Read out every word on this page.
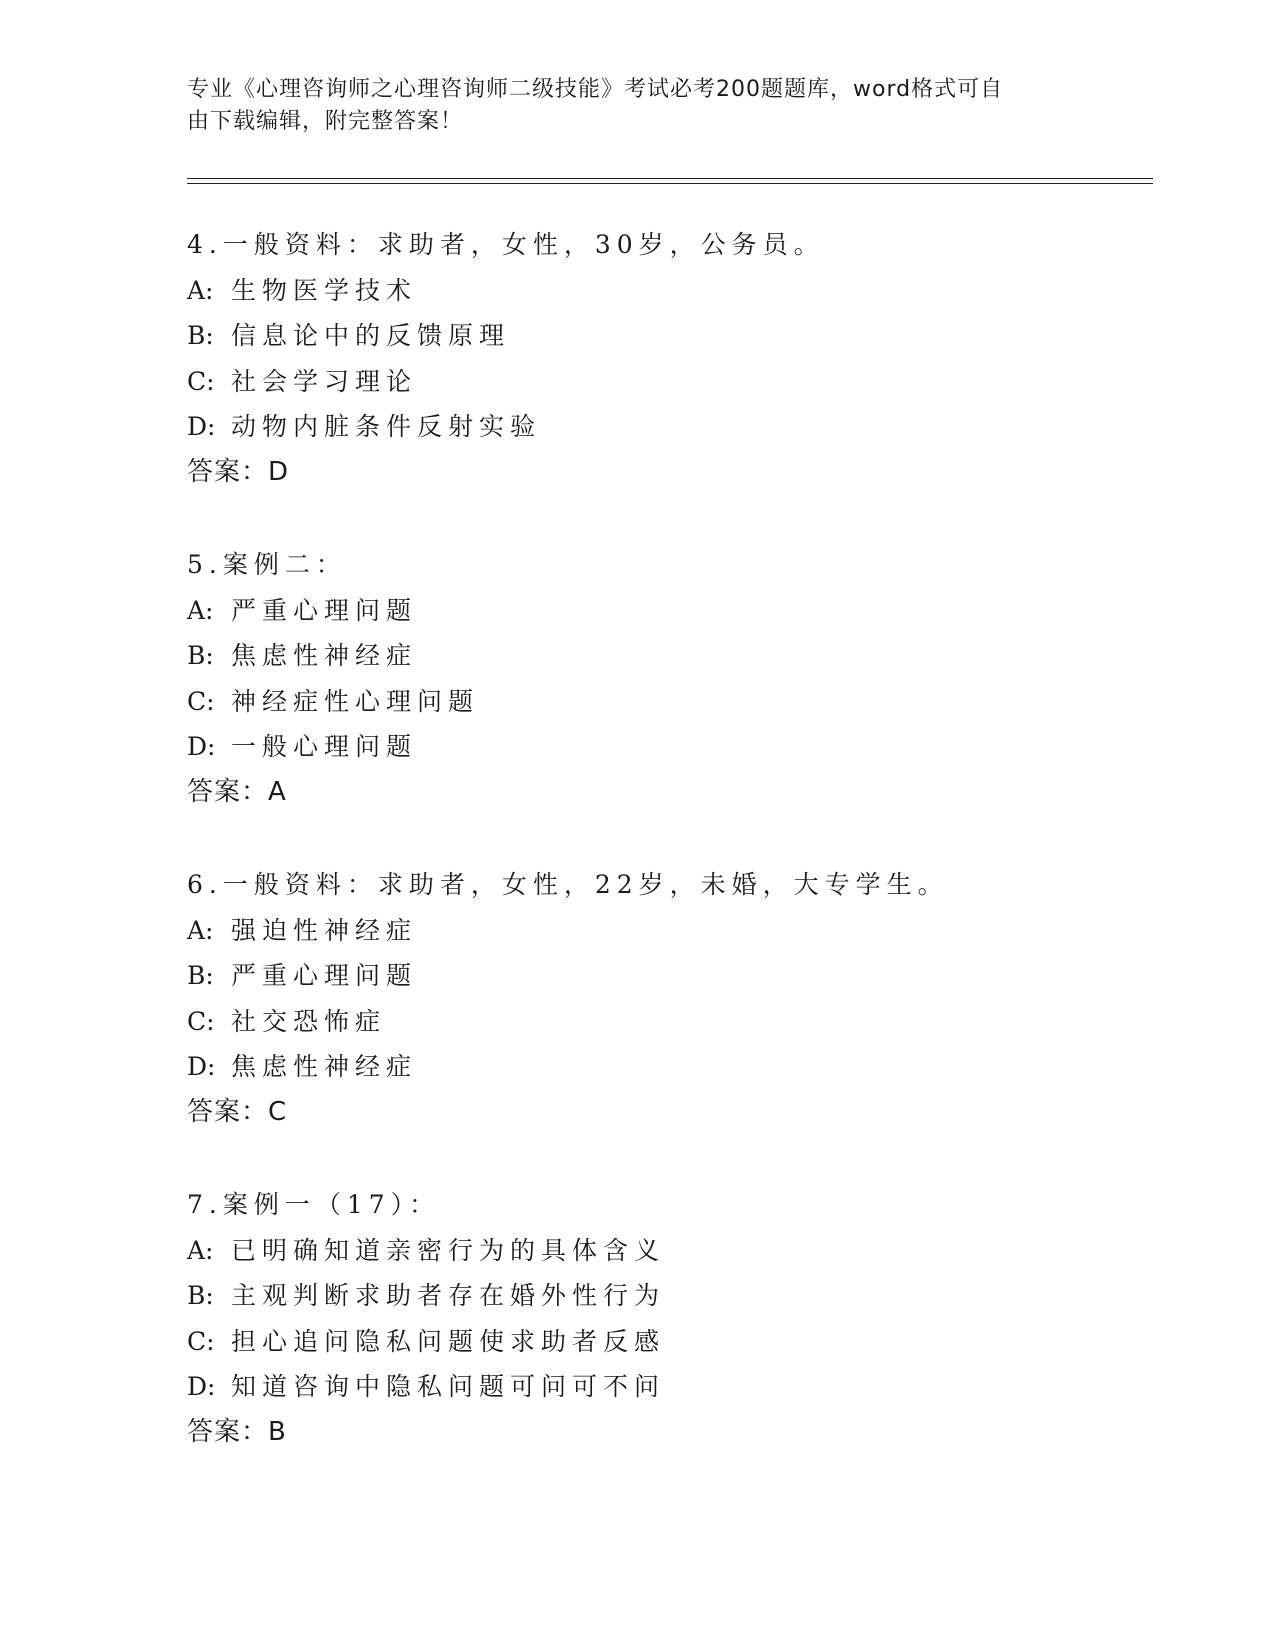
专业《心理咨询师之心理咨询师二级技能》考试必考200题题库，word格式可自
由下载编辑，附完整答案！
4.一般资料：求助者，女性，30岁，公务员。
A: 生物医学技术
B: 信息论中的反馈原理
C: 社会学习理论
D: 动物内脏条件反射实验
答案：D
5.案例二：
A: 严重心理问题
B: 焦虑性神经症
C: 神经症性心理问题
D: 一般心理问题
答案：A
6.一般资料：求助者，女性，22岁，未婚，大专学生。
A: 强迫性神经症
B: 严重心理问题
C: 社交恐怖症
D: 焦虑性神经症
答案：C
7.案例一（17）：
A: 已明确知道亲密行为的具体含义
B: 主观判断求助者存在婚外性行为
C: 担心追问隐私问题使求助者反感
D: 知道咨询中隐私问题可问可不问
答案：B
